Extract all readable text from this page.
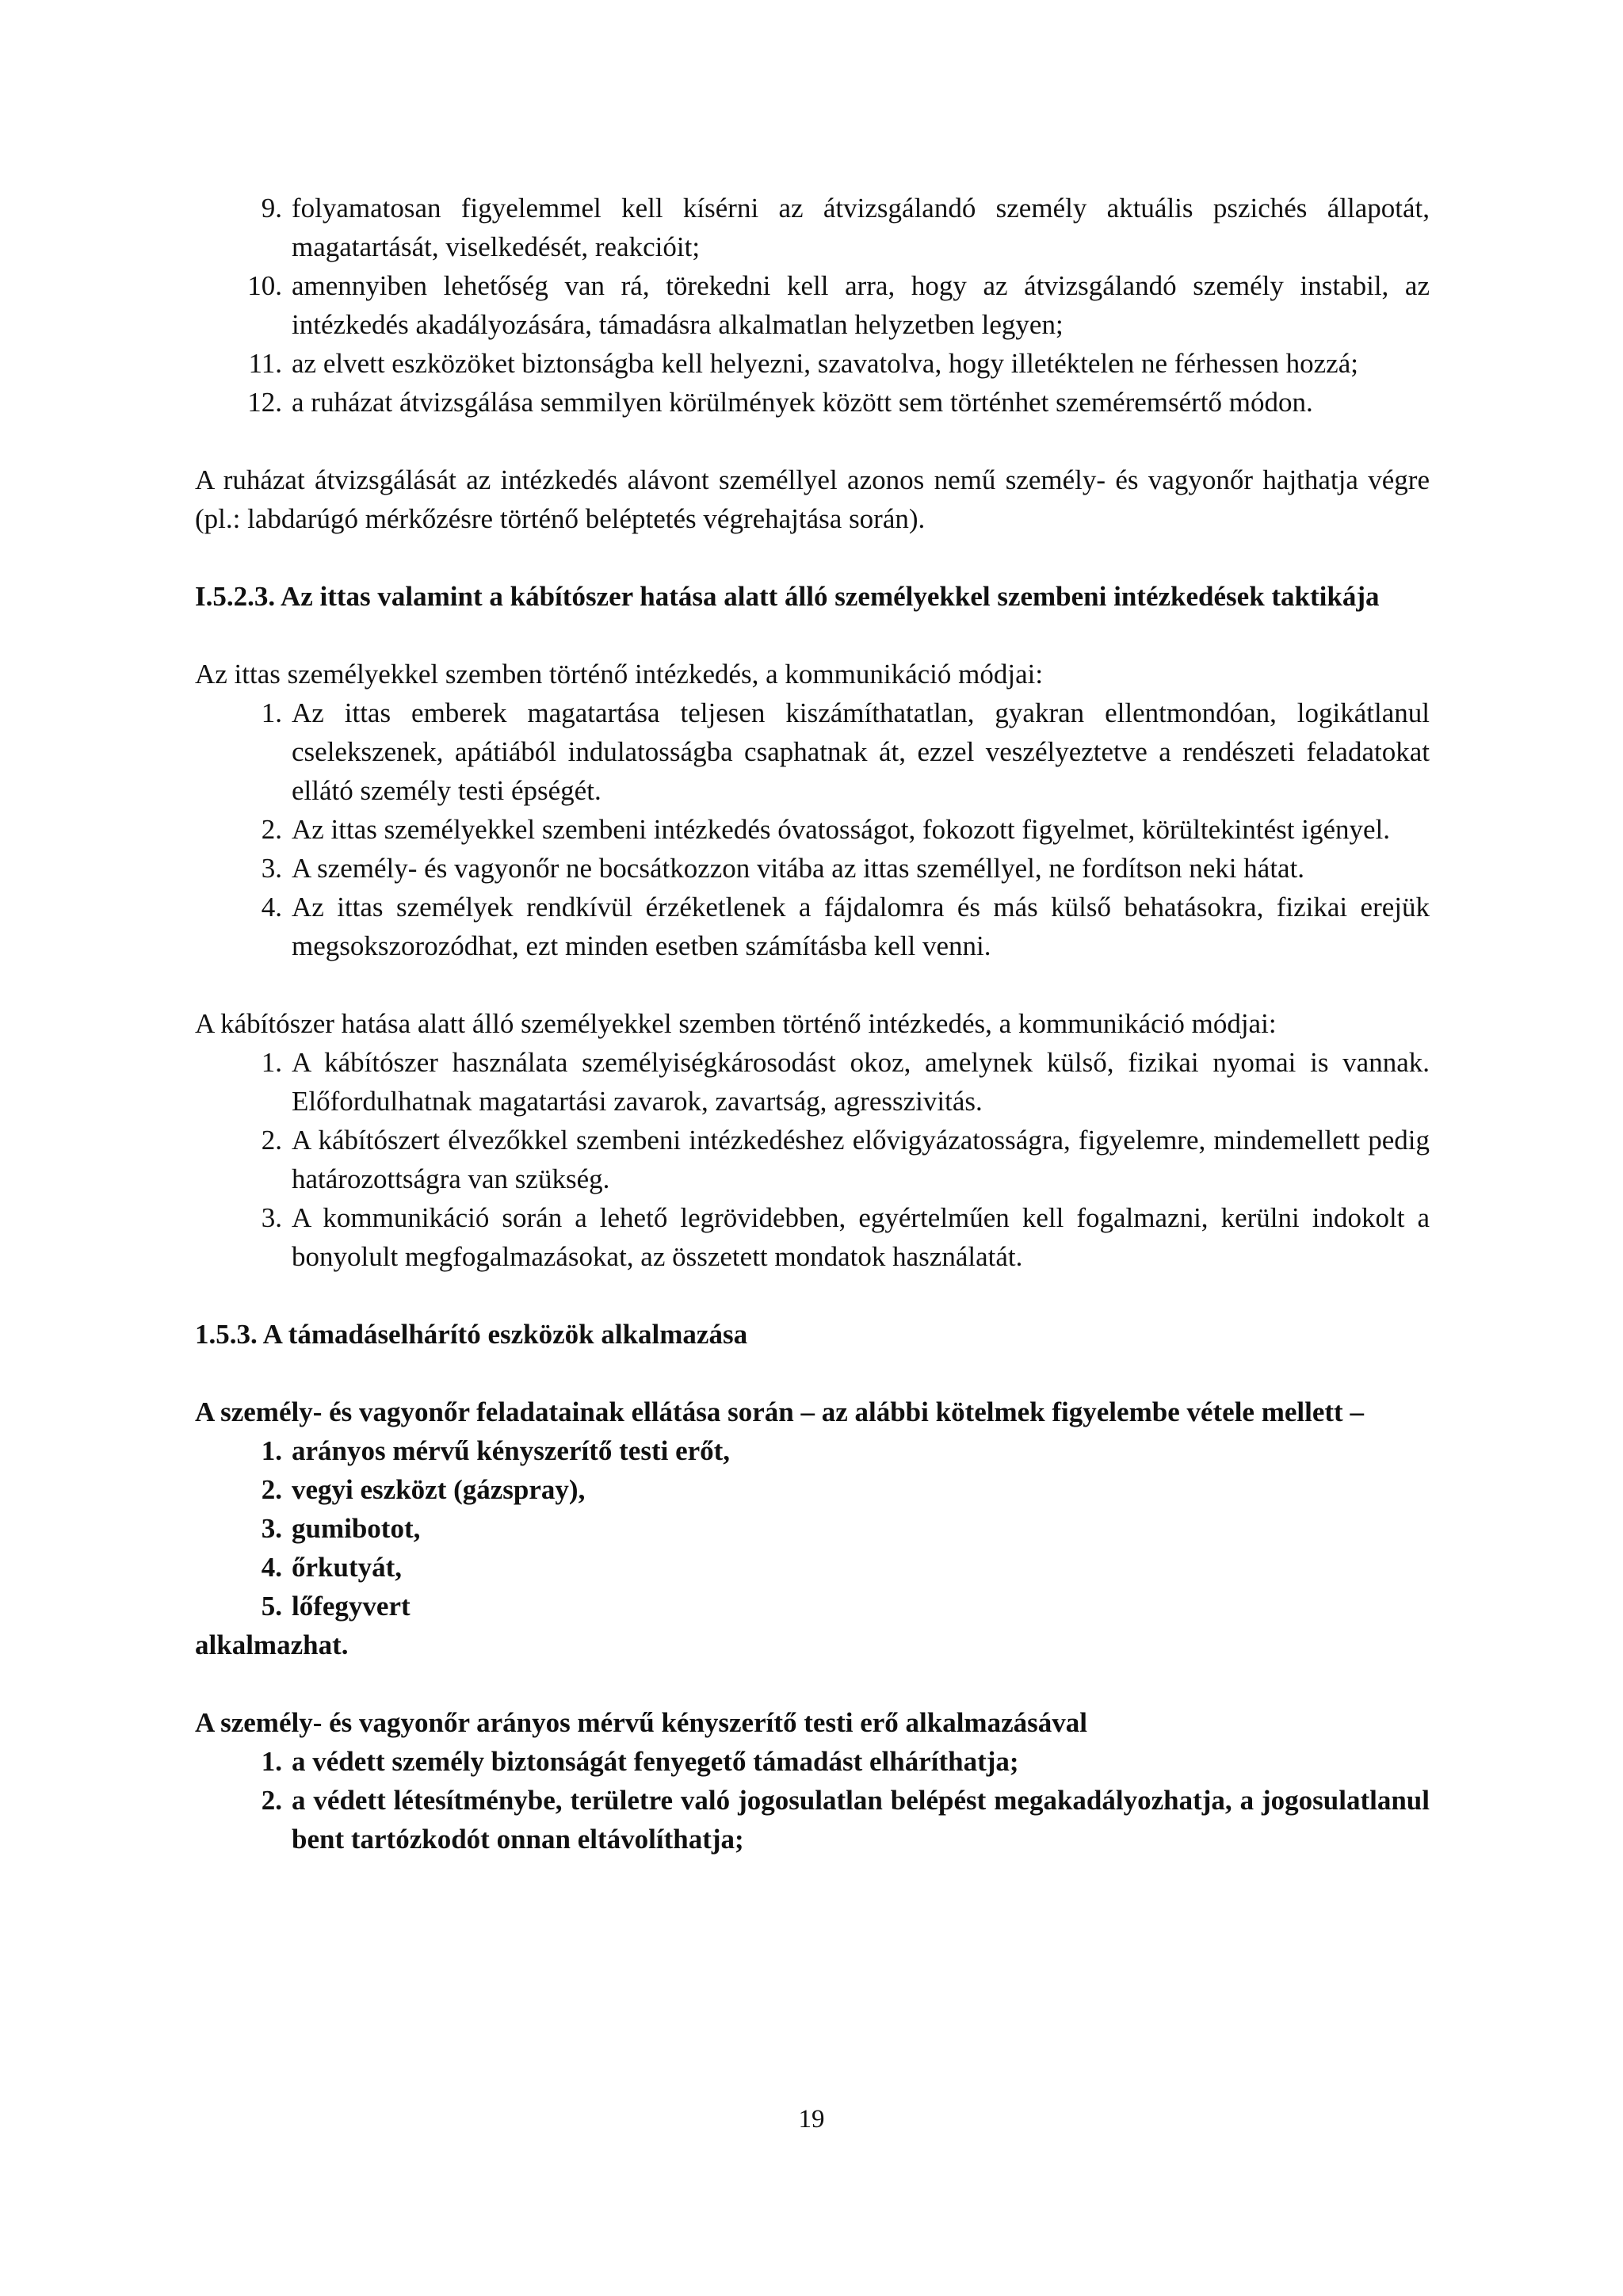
9. folyamatosan figyelemmel kell kísérni az átvizsgálandó személy aktuális pszichés állapotát, magatartását, viselkedését, reakcióit;
10. amennyiben lehetőség van rá, törekedni kell arra, hogy az átvizsgálandó személy instabil, az intézkedés akadályozására, támadásra alkalmatlan helyzetben legyen;
11. az elvett eszközöket biztonságba kell helyezni, szavatolva, hogy illetéktelen ne férhessen hozzá;
12. a ruházat átvizsgálása semmilyen körülmények között sem történhet szeméremsértő módon.

A ruházat átvizsgálását az intézkedés alávont személlyel azonos nemű személy- és vagyonőr hajthatja végre (pl.: labdarúgó mérkőzésre történő beléptetés végrehajtása során).

I.5.2.3. Az ittas valamint a kábítószer hatása alatt álló személyekkel szembeni intézkedések taktikája

Az ittas személyekkel szemben történő intézkedés, a kommunikáció módjai:

1. Az ittas emberek magatartása teljesen kiszámíthatatlan, gyakran ellentmondóan, logikátlanul cselekszenek, apátiából indulatosságba csaphatnak át, ezzel veszélyeztetve a rendészeti feladatokat ellátó személy testi épségét.
2. Az ittas személyekkel szembeni intézkedés óvatosságot, fokozott figyelmet, körültekintést igényel.
3. A személy- és vagyonőr ne bocsátkozzon vitába az ittas személlyel, ne fordítson neki hátat.
4. Az ittas személyek rendkívül érzéketlenek a fájdalomra és más külső behatásokra, fizikai erejük megsokszorozódhat, ezt minden esetben számításba kell venni.

A kábítószer hatása alatt álló személyekkel szemben történő intézkedés, a kommunikáció módjai:

1. A kábítószer használata személyiségkárosodást okoz, amelynek külső, fizikai nyomai is vannak. Előfordulhatnak magatartási zavarok, zavartság, agresszivitás.
2. A kábítószert élvezőkkel szembeni intézkedéshez elővigyázatosságra, figyelemre, mindemellett pedig határozottságra van szükség.
3. A kommunikáció során a lehető legrövidebben, egyértelműen kell fogalmazni, kerülni indokolt a bonyolult megfogalmazásokat, az összetett mondatok használatát.

1.5.3. A támadáselhárító eszközök alkalmazása

A személy- és vagyonőr feladatainak ellátása során – az alábbi kötelmek figyelembe vétele mellett –

1. arányos mérvű kényszerítő testi erőt,
2. vegyi eszközt (gázspray),
3. gumibotot,
4. őrkutyát,
5. lőfegyvert

alkalmazhat.

A személy- és vagyonőr arányos mérvű kényszerítő testi erő alkalmazásával

1. a védett személy biztonságát fenyegető támadást elháríthatja;
2. a védett létesítménybe, területre való jogosulatlan belépést megakadályozhatja, a jogosulatlanul bent tartózkodót onnan eltávolíthatja;
19
